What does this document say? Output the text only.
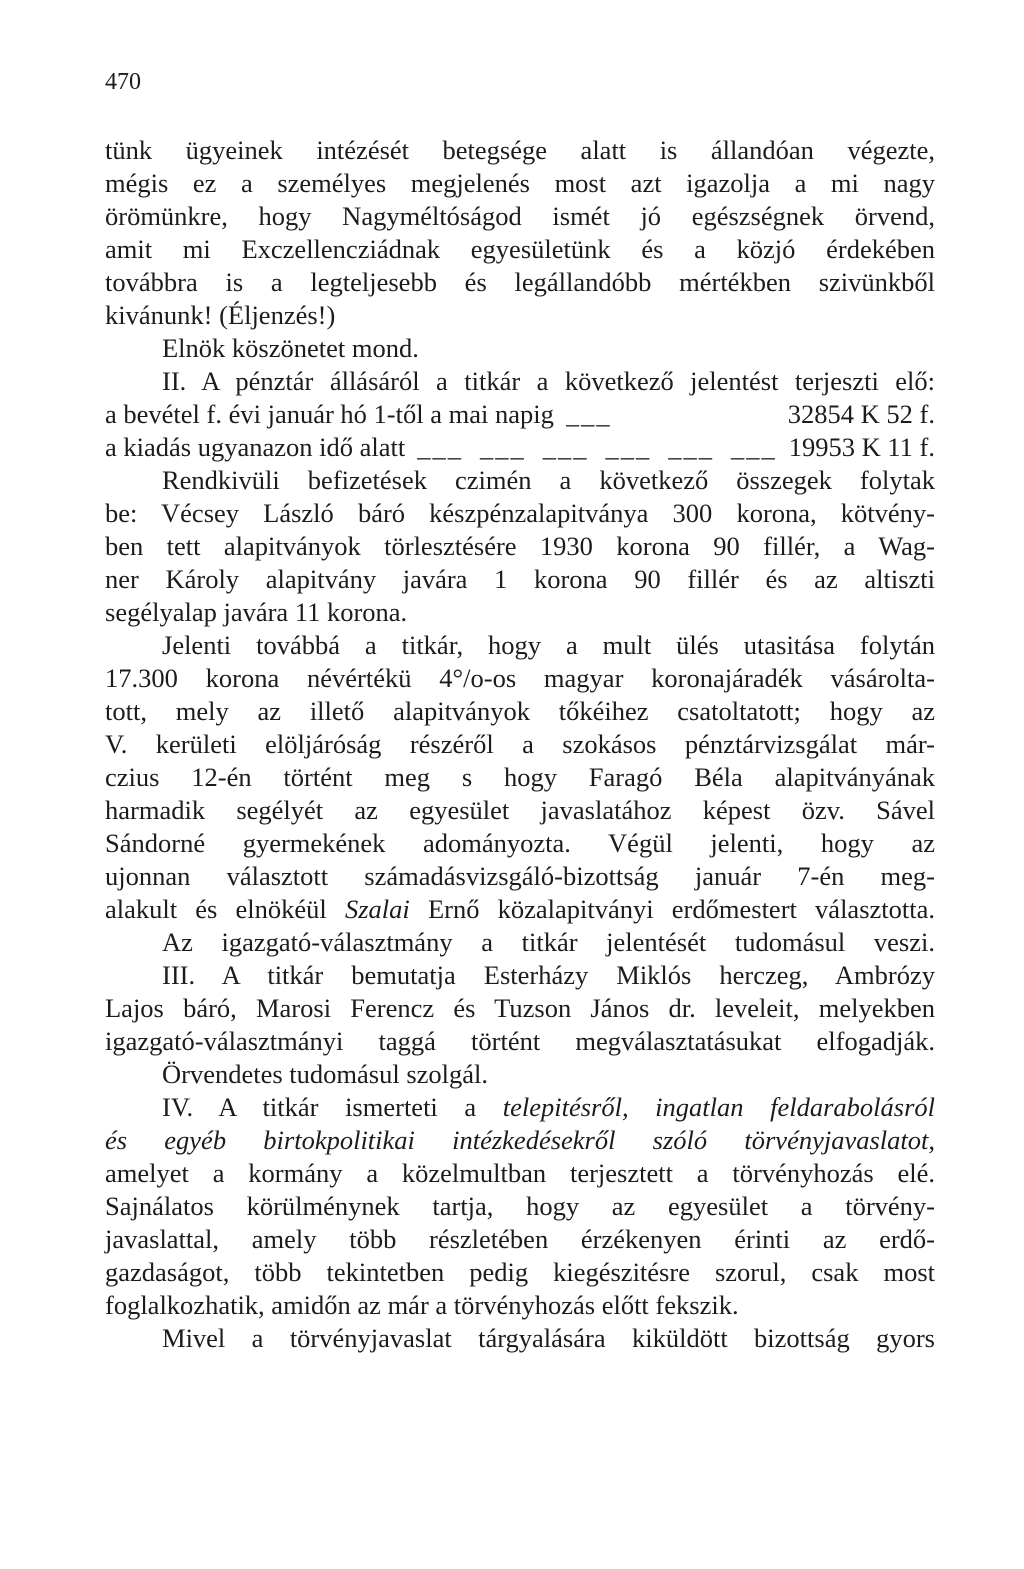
470
tünk ügyeinek intézését betegsége alatt is állandóan végezte,
mégis ez a személyes megjelenés most azt igazolja a mi nagy
örömünkre, hogy Nagyméltóságod ismét jó egészségnek örvend,
amit mi Exczellencziádnak egyesületünk és a közjó érdekében
továbbra is a legteljesebb és legállandóbb mértékben szivünkből
kivánunk! (Éljenzés!)
Elnök köszönetet mond.
II. A pénztár állásáról a titkár a következő jelentést terjeszti elő:
a bevétel f. évi január hó 1-től a mai napig ___	32854 K 52 f.
a kiadás ugyanazon idő alatt ___ ___ ___ ___ ___ ___ 19953 K 11 f.
Rendkivüli befizetések czimén a következő összegek folytak
be: Vécsey László báró készpénzalapitványa 300 korona, kötvény-
ben tett alapitványok törlesztésére 1930 korona 90 fillér, a Wag-
ner Károly alapitvány javára 1 korona 90 fillér és az altiszti
segélyalap javára 11 korona.
Jelenti továbbá a titkár, hogy a mult ülés utasitása folytán
17.300 korona névértékü 4°/o-os magyar koronajáradék vásárolta-
tott, mely az illető alapitványok tőkéihez csatoltatott; hogy az
V. kerületi elöljáróság részéről a szokásos pénztárvizsgálat már-
czius 12-én történt meg s hogy Faragó Béla alapitványának
harmadik segélyét az egyesület javaslatához képest özv. Sável
Sándorné gyermekének adományozta. Végül jelenti, hogy az
ujonnan választott számadásvizsgáló-bizottság január 7-én meg-
alakult és elnökéül Szalai Ernő közalapitványi erdőmestert választotta.
Az igazgató-választmány a titkár jelentését tudomásul veszi.
III. A titkár bemutatja Esterházy Miklós herczeg, Ambrózy
Lajos báró, Marosi Ferencz és Tuzson János dr. leveleit, melyekben
igazgató-választmányi taggá történt megválasztatásukat elfogadják.
Örvendetes tudomásul szolgál.
IV. A titkár ismerteti a telepitésről, ingatlan feldarabolásról
és egyéb birtokpolitikai intézkedésekről szóló törvényjavaslatot,
amelyet a kormány a közelmultban terjesztett a törvényhozás elé.
Sajnálatos körülménynek tartja, hogy az egyesület a törvény-
javaslattal, amely több részletében érzékenyen érinti az erdő-
gazdaságot, több tekintetben pedig kiegészitésre szorul, csak most
foglalkozhatik, amidőn az már a törvényhozás előtt fekszik.
Mivel a törvényjavaslat tárgyalására kiküldött bizottság gyors
